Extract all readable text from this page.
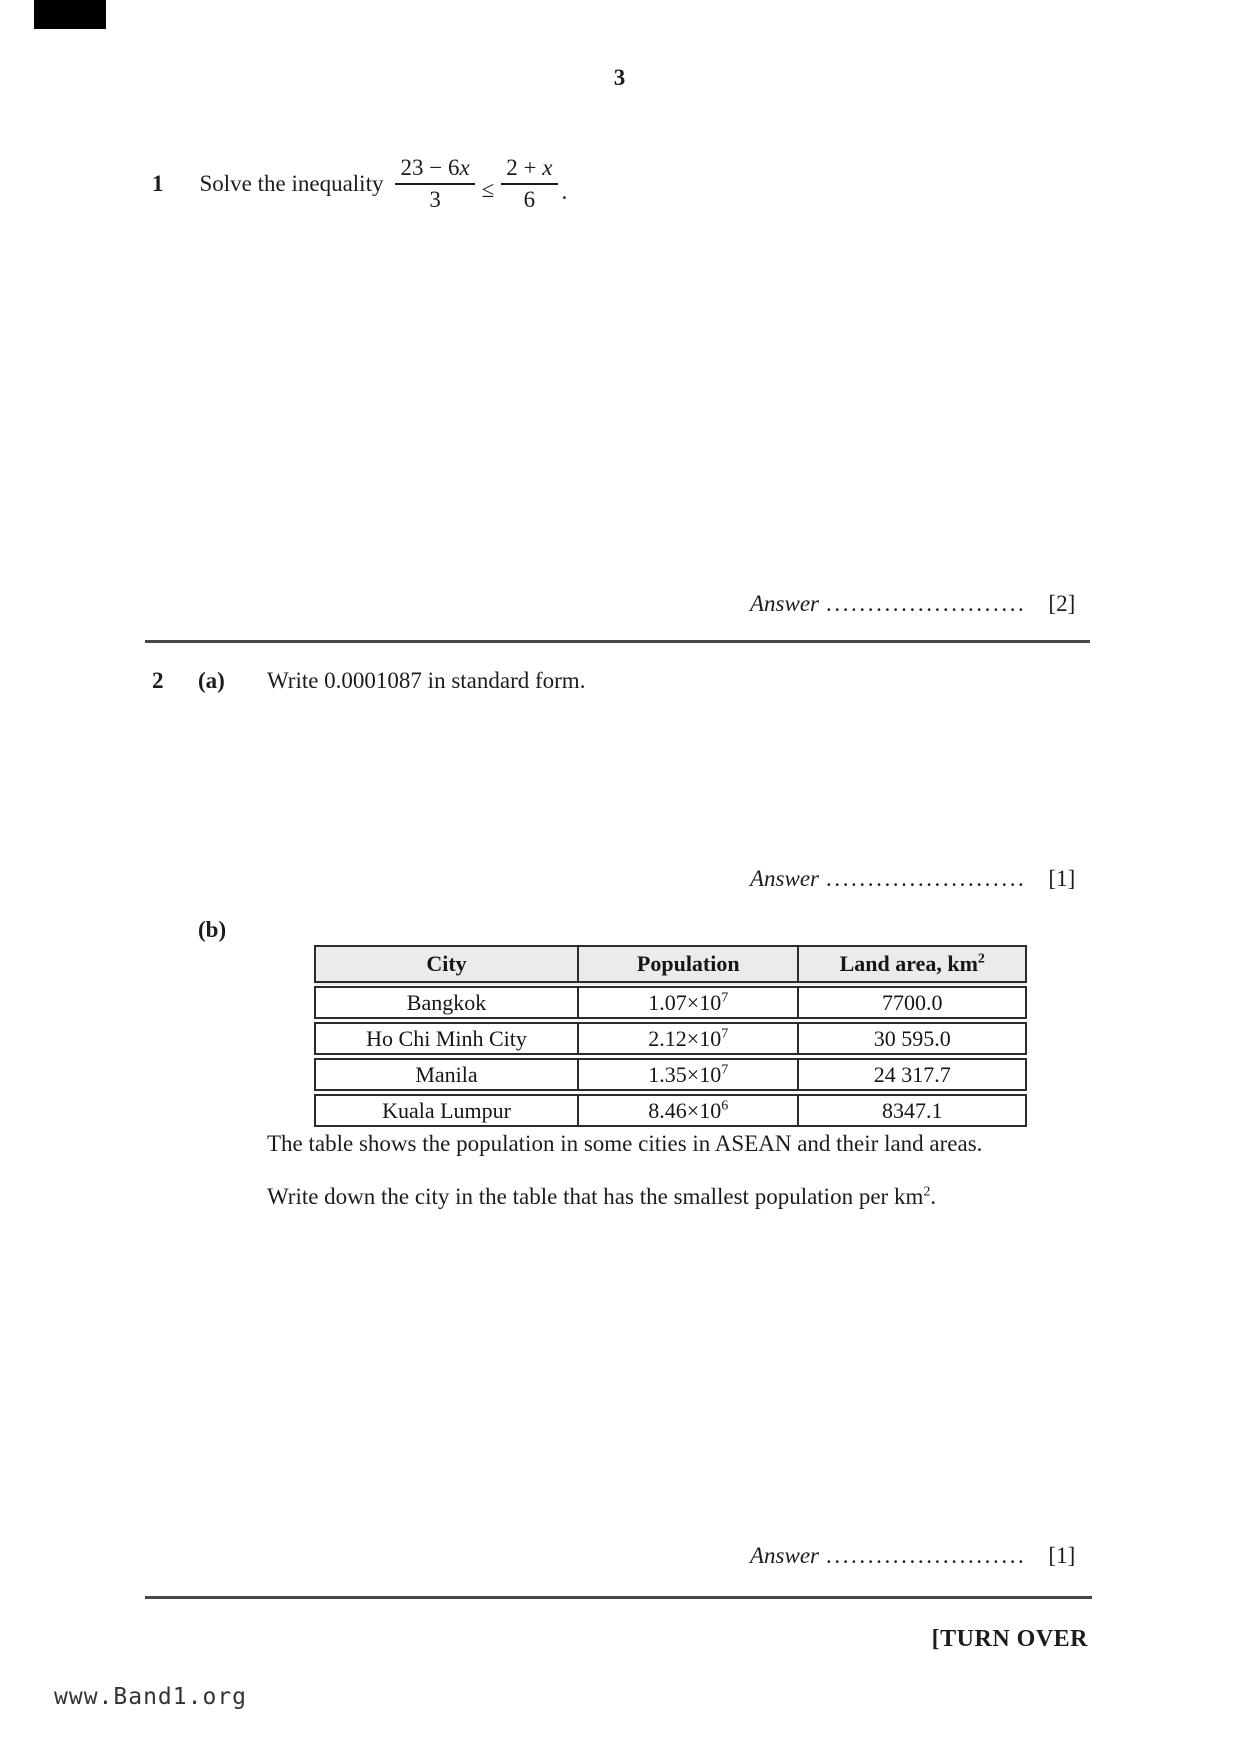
3
1 Solve the inequality $\frac{23 - 6x}{3} \le \frac{2 + x}{6}$ .
Answer ........................ [2]
2	(a)	Write 0.0001087 in standard form.
Answer ........................ [1]
(b)
City	Population	Land area, $km^2$
Bangkok	$1.07\times 10^7$	7700.0
Ho Chi Minh City	$2.12\times 10^7$	30 595.0
Manila	$1.35\times 10^7$	24 317.7
Kuala Lumpur	$8.46\times 10^6$	8347.1
The table shows the population in some cities in ASEAN and their land areas.
Write down the city in the table that has the smallest population per $km^2$.
Answer ........................ [1]
[TURN OVER
www.Band1.org
